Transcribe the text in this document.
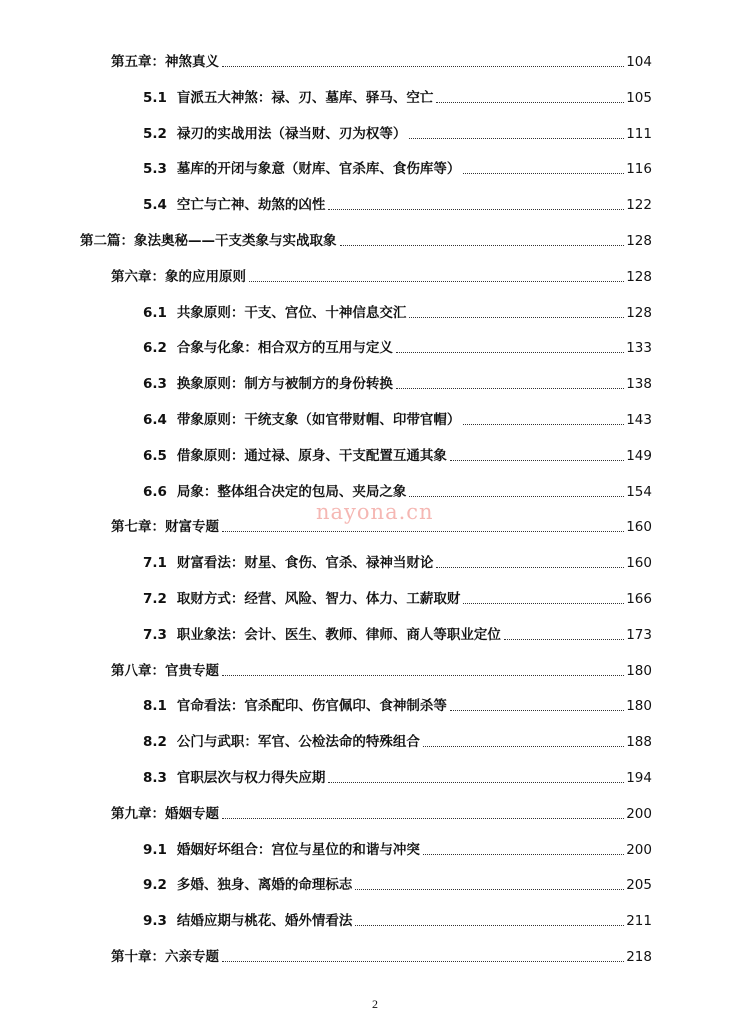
第五章：神煞真义	104
5.1 盲派五大神煞：禄、刃、墓库、驿马、空亡	105
5.2 禄刃的实战用法（禄当财、刃为权等）	111
5.3 墓库的开闭与象意（财库、官杀库、食伤库等）	116
5.4 空亡与亡神、劫煞的凶性	122
第二篇：象法奥秘——干支类象与实战取象	128
第六章：象的应用原则	128
6.1 共象原则：干支、宫位、十神信息交汇	128
6.2 合象与化象：相合双方的互用与定义	133
6.3 换象原则：制方与被制方的身份转换	138
6.4 带象原则：干统支象（如官带财帽、印带官帽）	143
6.5 借象原则：通过禄、原身、干支配置互通其象	149
6.6 局象：整体组合决定的包局、夹局之象	154
第七章：财富专题	160
7.1 财富看法：财星、食伤、官杀、禄神当财论	160
7.2 取财方式：经营、风险、智力、体力、工薪取财	166
7.3 职业象法：会计、医生、教师、律师、商人等职业定位	173
第八章：官贵专题	180
8.1 官命看法：官杀配印、伤官佩印、食神制杀等	180
8.2 公门与武职：军官、公检法命的特殊组合	188
8.3 官职层次与权力得失应期	194
第九章：婚姻专题	200
9.1 婚姻好坏组合：宫位与星位的和谐与冲突	200
9.2 多婚、独身、离婚的命理标志	205
9.3 结婚应期与桃花、婚外情看法	211
第十章：六亲专题	218
nayona.cn
2
